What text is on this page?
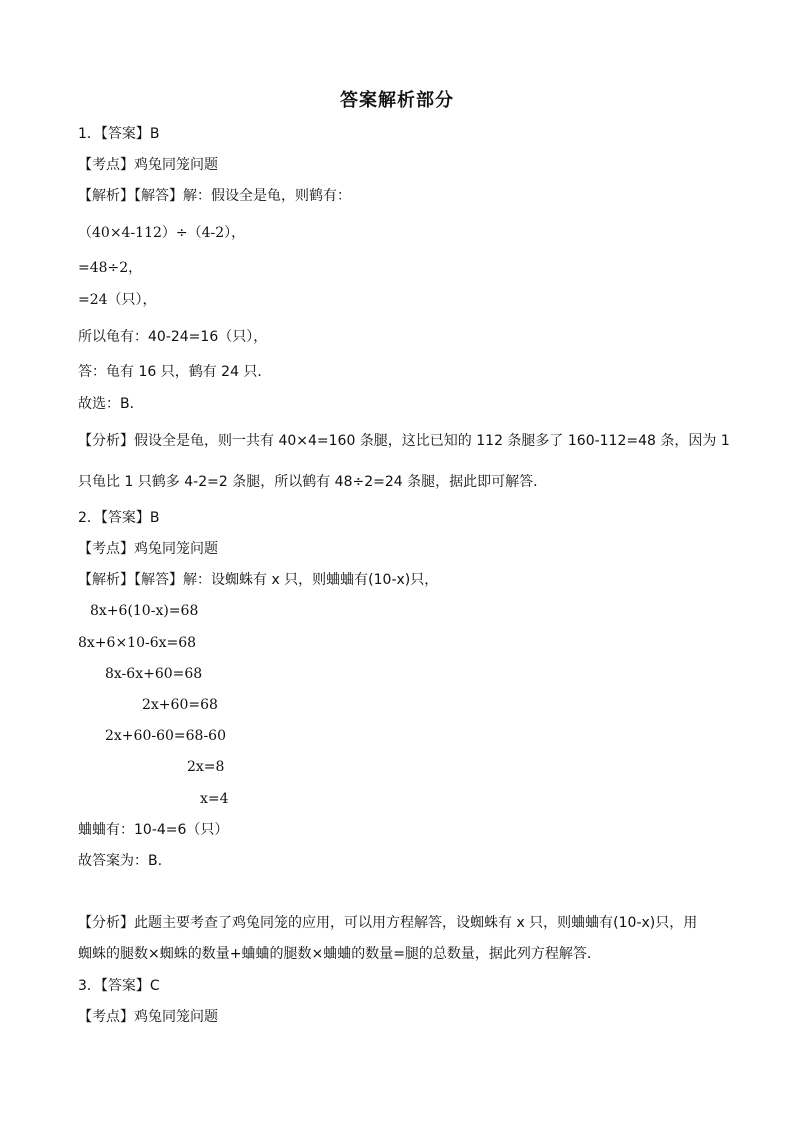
答案解析部分
1．【答案】B
【考点】鸡兔同笼问题
【解析】【解答】解：假设全是龟，则鹤有：
（40×4-112）÷（4-2），
=48÷2，
=24（只），
所以龟有：40-24=16（只），
答：龟有 16 只，鹤有 24 只．
故选：B．
【分析】假设全是龟，则一共有 40×4=160 条腿，这比已知的 112 条腿多了 160-112=48 条，因为 1
只龟比 1 只鹤多 4-2=2 条腿，所以鹤有 48÷2=24 条腿，据此即可解答．
2．【答案】B
【考点】鸡兔同笼问题
【解析】【解答】解：设蜘蛛有 x 只，则蛐蛐有(10-x)只，
8x+6(10-x)=68
8x+6×10-6x=68
8x-6x+60=68
2x+60=68
2x+60-60=68-60
2x=8
x=4
蛐蛐有：10-4=6（只）
故答案为：B.
【分析】此题主要考查了鸡兔同笼的应用，可以用方程解答，设蜘蛛有 x 只，则蛐蛐有(10-x)只，用
蜘蛛的腿数×蜘蛛的数量+蛐蛐的腿数×蛐蛐的数量=腿的总数量，据此列方程解答.
3．【答案】C
【考点】鸡兔同笼问题
